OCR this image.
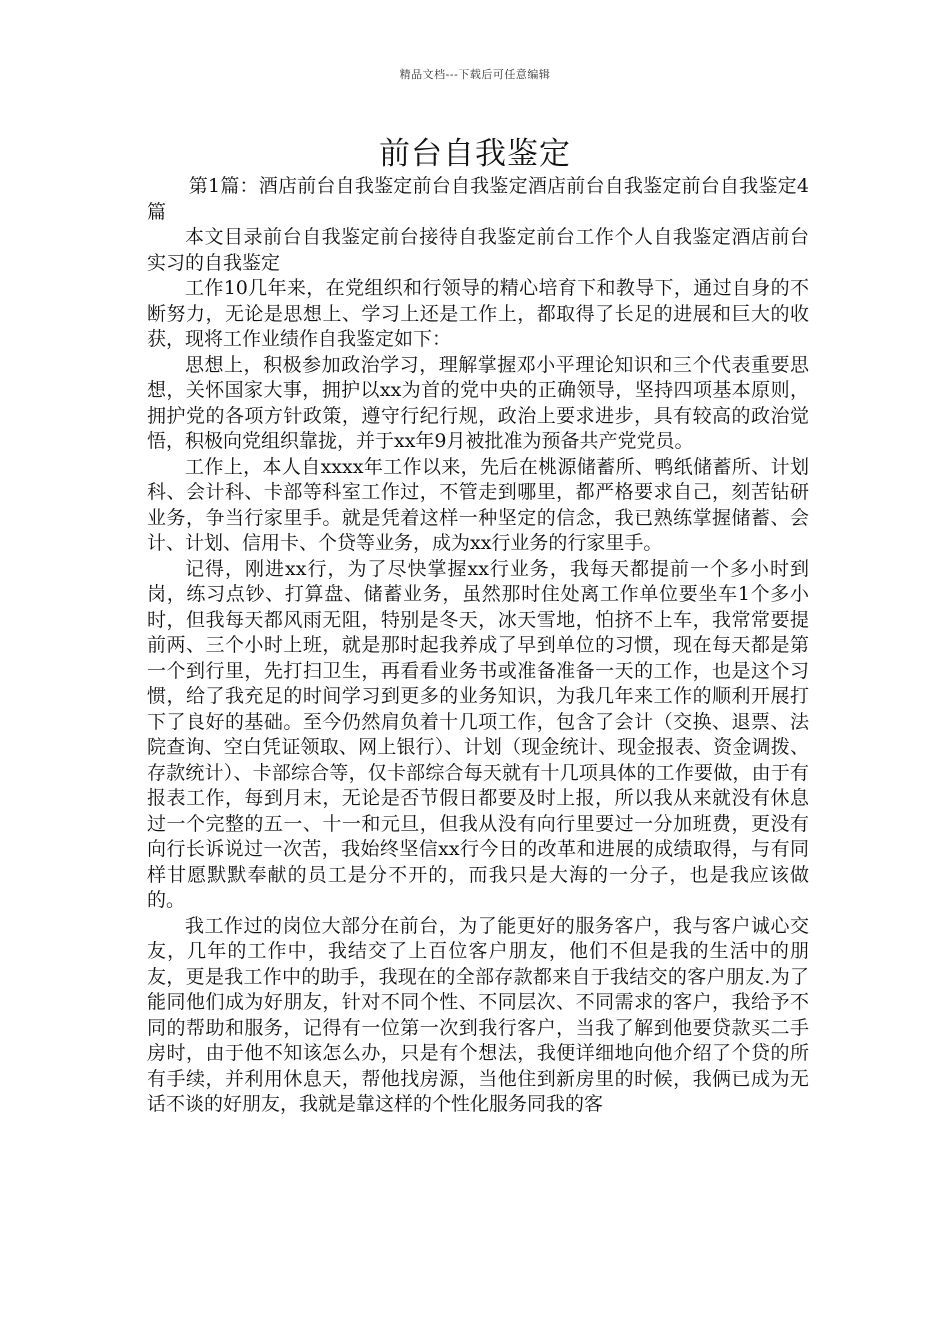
精品文档---下载后可任意编辑
前台自我鉴定

第1篇：酒店前台自我鉴定前台自我鉴定酒店前台自我鉴定前台自我鉴定4篇

本文目录前台自我鉴定前台接待自我鉴定前台工作个人自我鉴定酒店前台实习的自我鉴定

工作10几年来，在党组织和行领导的精心培育下和教导下，通过自身的不断努力，无论是思想上、学习上还是工作上，都取得了长足的进展和巨大的收获，现将工作业绩作自我鉴定如下：

思想上，积极参加政治学习，理解掌握邓小平理论知识和三个代表重要思想，关怀国家大事，拥护以xx为首的党中央的正确领导，坚持四项基本原则，拥护党的各项方针政策，遵守行纪行规，政治上要求进步，具有较高的政治觉悟，积极向党组织靠拢，并于xx年9月被批准为预备共产党党员。

工作上，本人自xxxx年工作以来，先后在桃源储蓄所、鸭纸储蓄所、计划科、会计科、卡部等科室工作过，不管走到哪里，都严格要求自己，刻苦钻研业务，争当行家里手。就是凭着这样一种坚定的信念，我已熟练掌握储蓄、会计、计划、信用卡、个贷等业务，成为xx行业务的行家里手。

记得，刚进xx行，为了尽快掌握xx行业务，我每天都提前一个多小时到岗，练习点钞、打算盘、储蓄业务，虽然那时住处离工作单位要坐车1个多小时，但我每天都风雨无阻，特别是冬天，冰天雪地，怕挤不上车，我常常要提前两、三个小时上班，就是那时起我养成了早到单位的习惯，现在每天都是第一个到行里，先打扫卫生，再看看业务书或准备准备一天的工作，也是这个习惯，给了我充足的时间学习到更多的业务知识，为我几年来工作的顺利开展打下了良好的基础。至今仍然肩负着十几项工作，包含了会计（交换、退票、法院查询、空白凭证领取、网上银行）、计划（现金统计、现金报表、资金调拨、存款统计）、卡部综合等，仅卡部综合每天就有十几项具体的工作要做，由于有报表工作，每到月末，无论是否节假日都要及时上报，所以我从来就没有休息过一个完整的五一、十一和元旦，但我从没有向行里要过一分加班费，更没有向行长诉说过一次苦，我始终坚信xx行今日的改革和进展的成绩取得，与有同样甘愿默默奉献的员工是分不开的，而我只是大海的一分子，也是我应该做的。

我工作过的岗位大部分在前台，为了能更好的服务客户，我与客户诚心交友，几年的工作中，我结交了上百位客户朋友，他们不但是我的生活中的朋友，更是我工作中的助手，我现在的全部存款都来自于我结交的客户朋友.为了能同他们成为好朋友，针对不同个性、不同层次、不同需求的客户，我给予不同的帮助和服务，记得有一位第一次到我行客户，当我了解到他要贷款买二手房时，由于他不知该怎么办，只是有个想法，我便详细地向他介绍了个贷的所有手续，并利用休息天，帮他找房源，当他住到新房里的时候，我俩已成为无话不谈的好朋友，我就是靠这样的个性化服务同我的客
